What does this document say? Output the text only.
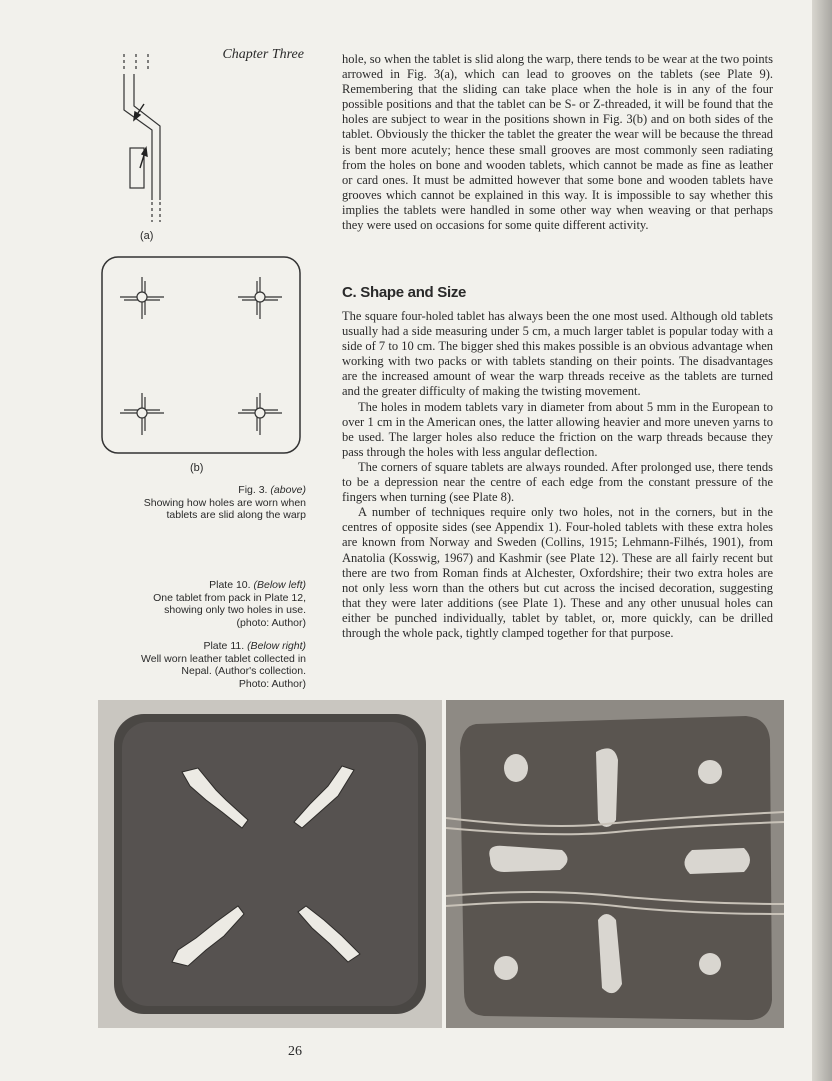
Chapter Three
(a)
(b)

Fig. 3. (above)

Showing how holes are worn when

tablets are slid along the warp

Plate 10. (Below left)

One tablet from pack in Plate 12,

showing only two holes in use.

(photo: Author)

Plate 11. (Below right)

Well worn leather tablet collected in

Nepal. (Author's collection.

Photo: Author)

hole, so when the tablet is slid along the warp, there tends to be wear at the two points arrowed in Fig. 3(a), which can lead to grooves on the tablets (see Plate 9). Remembering that the sliding can take place when the hole is in any of the four possible positions and that the tablet can be S- or Z-threaded, it will be found that the holes are subject to wear in the positions shown in Fig. 3(b) and on both sides of the tablet. Obviously the thicker the tablet the greater the wear will be because the thread is bent more acutely; hence these small grooves are most commonly seen radiating from the holes on bone and wooden tablets, which cannot be made as fine as leather or card ones. It must be admitted however that some bone and wooden tablets have grooves which cannot be explained in this way. It is impossible to say whether this implies the tablets were handled in some other way when weaving or that perhaps they were used on occasions for some quite different activity.

C. Shape and Size

The square four-holed tablet has always been the one most used. Although old tablets usually had a side measuring under 5 cm, a much larger tablet is popular today with a side of 7 to 10 cm. The bigger shed this makes possible is an obvious advantage when working with two packs or with tablets standing on their points. The disadvantages are the increased amount of wear the warp threads receive as the tablets are turned and the greater difficulty of making the twisting movement.

The holes in modem tablets vary in diameter from about 5 mm in the European to over 1 cm in the American ones, the latter allowing heavier and more uneven yarns to be used. The larger holes also reduce the friction on the warp threads because they pass through the holes with less angular deflection.

The corners of square tablets are always rounded. After prolonged use, there tends to be a depression near the centre of each edge from the constant pressure of the fingers when turning (see Plate 8).

A number of techniques require only two holes, not in the corners, but in the centres of opposite sides (see Appendix 1). Four-holed tablets with these extra holes are known from Norway and Sweden (Collins, 1915; Lehmann-Filhés, 1901), from Anatolia (Kosswig, 1967) and Kashmir (see Plate 12). These are all fairly recent but there are two from Roman finds at Alchester, Oxfordshire; their two extra holes are not only less worn than the others but cut across the incised decoration, suggesting that they were later additions (see Plate 1). These and any other unusual holes can either be punched individually, tablet by tablet, or, more quickly, can be drilled through the whole pack, tightly clamped together for that purpose.

26
